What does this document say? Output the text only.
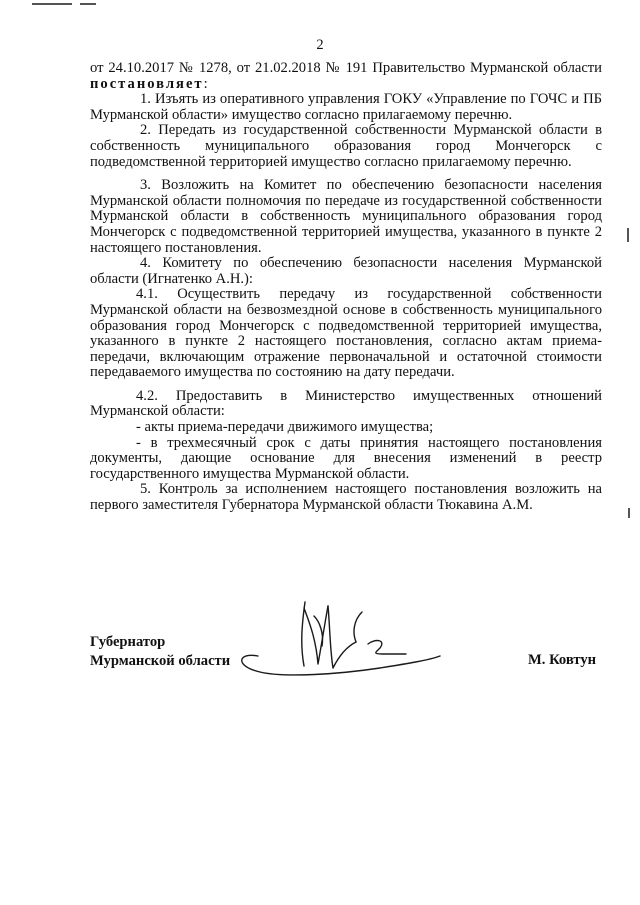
2

от 24.10.2017 № 1278, от 21.02.2018 № 191 Правительство Мурманской области постановляет:

1. Изъять из оперативного управления ГОКУ «Управление по ГОЧС и ПБ Мурманской области» имущество согласно прилагаемому перечню.

2. Передать из государственной собственности Мурманской области в собственность муниципального образования город Мончегорск с подведомственной территорией имущество согласно прилагаемому перечню.

3. Возложить на Комитет по обеспечению безопасности населения Мурманской области полномочия по передаче из государственной собственности Мурманской области в собственность муниципального образования город Мончегорск с подведомственной территорией имущества, указанного в пункте 2 настоящего постановления.

4. Комитету по обеспечению безопасности населения Мурманской области (Игнатенко А.Н.):

4.1. Осуществить передачу из государственной собственности Мурманской области на безвозмездной основе в собственность муниципального образования город Мончегорск с подведомственной территорией имущества, указанного в пункте 2 настоящего постановления, согласно актам приема-передачи, включающим отражение первоначальной и остаточной стоимости передаваемого имущества по состоянию на дату передачи.

4.2. Предоставить в Министерство имущественных отношений Мурманской области:

- акты приема-передачи движимого имущества;

- в трехмесячный срок с даты принятия настоящего постановления документы, дающие основание для внесения изменений в реестр государственного имущества Мурманской области.

5. Контроль за исполнением настоящего постановления возложить на первого заместителя Губернатора Мурманской области Тюкавина А.М.

Губернатор
Мурманской области	М. Ковтун
